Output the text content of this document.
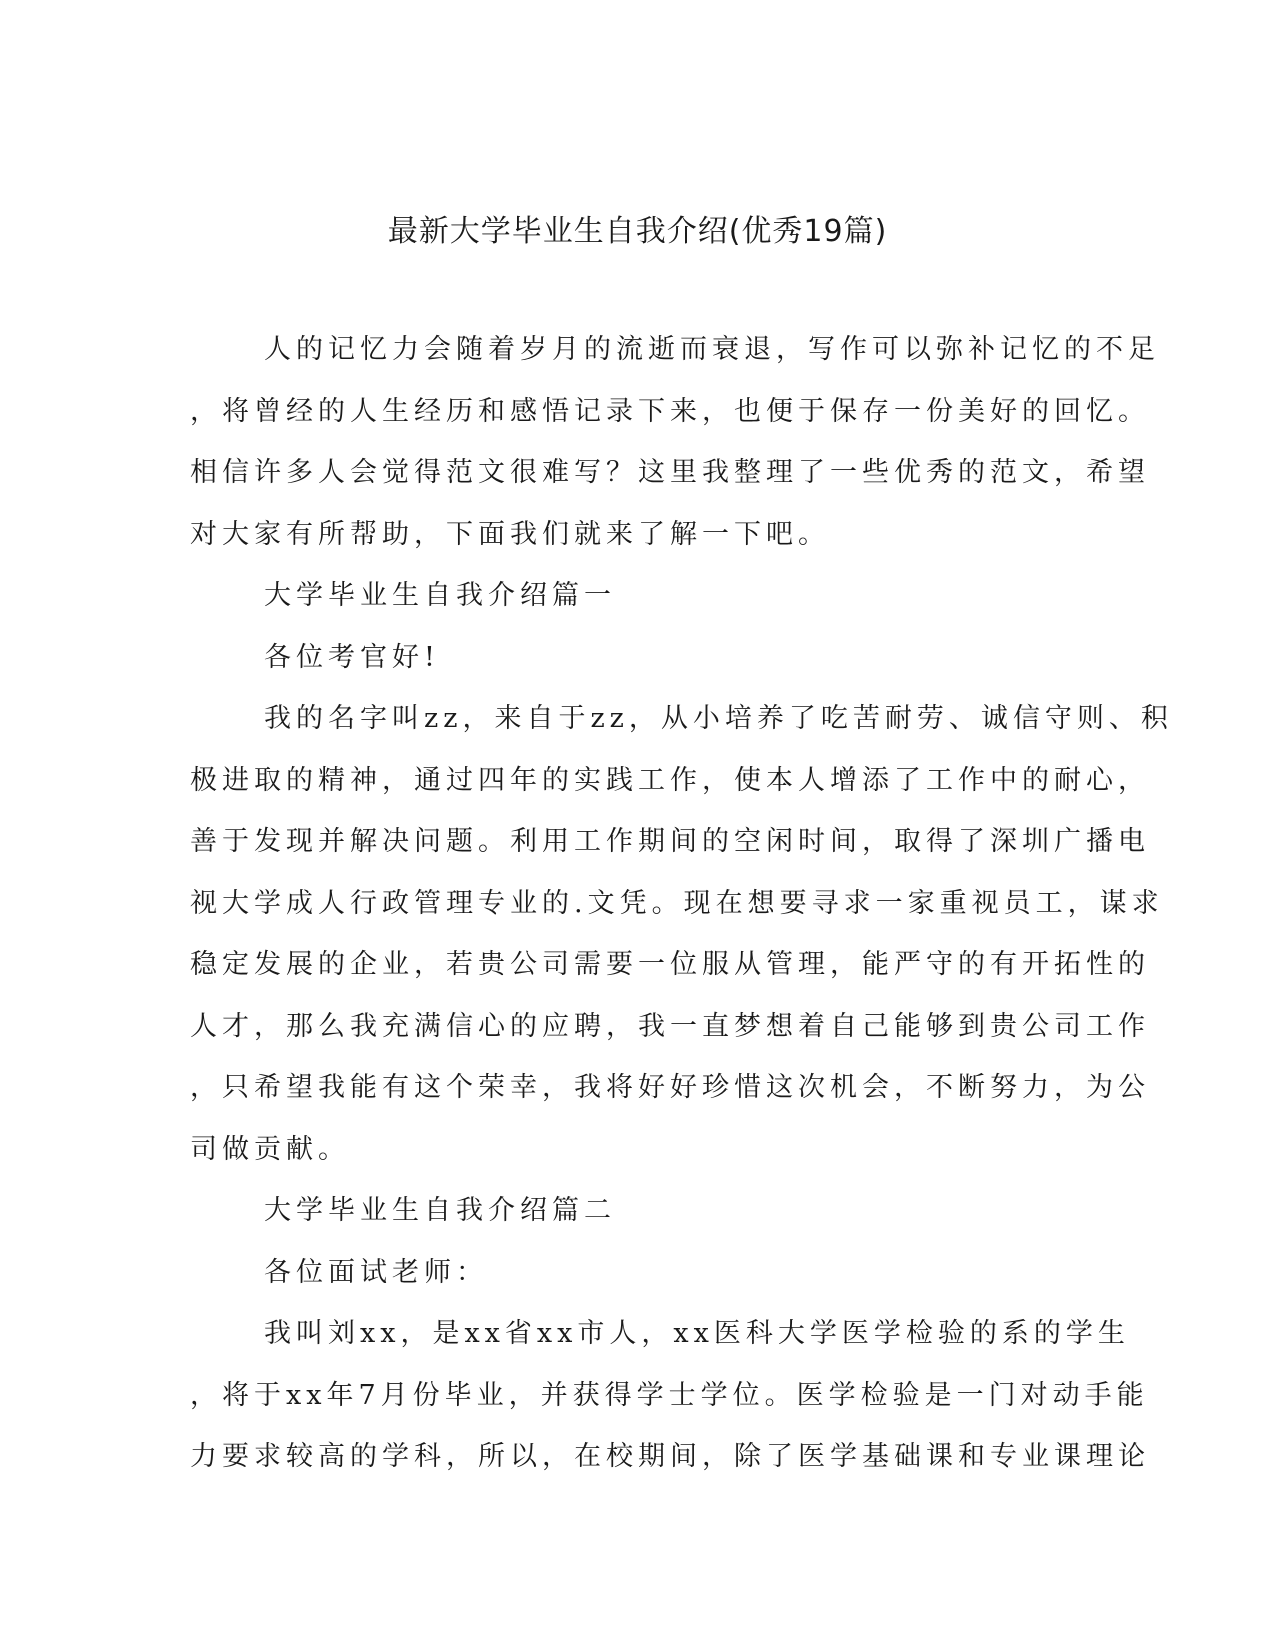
最新大学毕业生自我介绍(优秀19篇)
人的记忆力会随着岁月的流逝而衰退，写作可以弥补记忆的不足
，将曾经的人生经历和感悟记录下来，也便于保存一份美好的回忆。
相信许多人会觉得范文很难写？这里我整理了一些优秀的范文，希望
对大家有所帮助，下面我们就来了解一下吧。
大学毕业生自我介绍篇一
各位考官好!
我的名字叫zz，来自于zz，从小培养了吃苦耐劳、诚信守则、积
极进取的精神，通过四年的实践工作，使本人增添了工作中的耐心，
善于发现并解决问题。利用工作期间的空闲时间，取得了深圳广播电
视大学成人行政管理专业的.文凭。现在想要寻求一家重视员工，谋求
稳定发展的企业，若贵公司需要一位服从管理，能严守的有开拓性的
人才，那么我充满信心的应聘，我一直梦想着自己能够到贵公司工作
，只希望我能有这个荣幸，我将好好珍惜这次机会，不断努力，为公
司做贡献。
大学毕业生自我介绍篇二
各位面试老师：
我叫刘xx，是xx省xx市人，xx医科大学医学检验的系的学生
，将于xx年7月份毕业，并获得学士学位。医学检验是一门对动手能
力要求较高的学科，所以，在校期间，除了医学基础课和专业课理论
